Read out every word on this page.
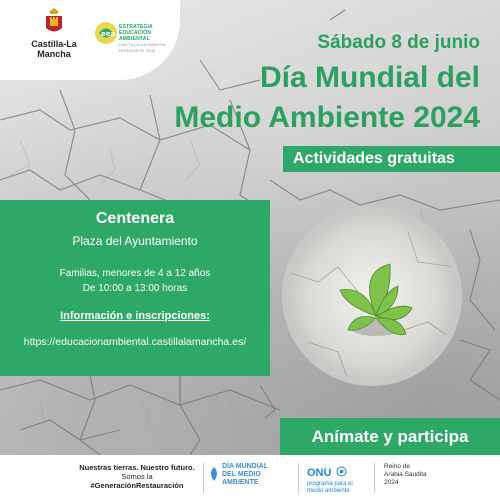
Castilla-La Mancha
eea
ESTRATEGIA
EDUCACIÓN
AMBIENTAL
CASTILLA-LA MANCHA HORIZONTE 2030	Sábado 8 de junio
Día Mundial del
Medio Ambiente 2024
Actividades gratuitas
Centenera
Plaza del Ayuntamiento
Familias, menores de 4 a 12 años
De 10:00 a 13:00 horas
Información e inscripciones:
https://educacionambiental.castillalamancha.es/
Anímate y participa
Nuestras tierras. Nuestro futuro.
Somos la
#GeneraciónRestauración
DÍA MUNDIAL
DEL MEDIO
AMBIENTE
ONU
programa para el
medio ambiente
Reino de
Arabia Saudita
2024
